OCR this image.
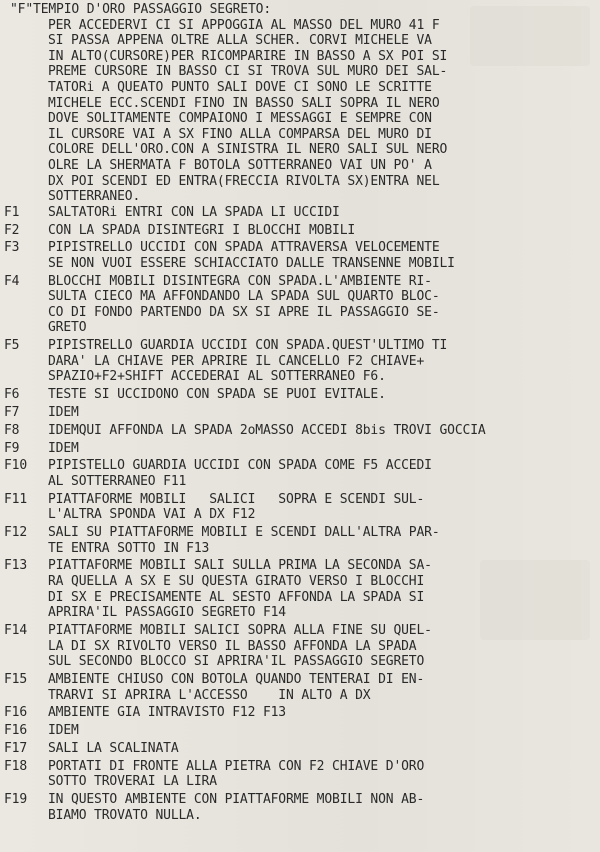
"F"TEMPIO D'ORO PASSAGGIO SEGRETO:
PER ACCEDERVI CI SI APPOGGIA AL MASSO DEL MURO 41 F
SI PASSA APPENA OLTRE ALLA SCHER. CORVI MICHELE VA
IN ALTO(CURSORE)PER RICOMPARIRE IN BASSO A SX POI SI
PREME CURSORE IN BASSO CI SI TROVA SUL MURO DEI SAL-
TATORi A QUEATO PUNTO SALI DOVE CI SONO LE SCRITTE
MICHELE ECC.SCENDI FINO IN BASSO SALI SOPRA IL NERO
DOVE SOLITAMENTE COMPAIONO I MESSAGGI E SEMPRE CON
IL CURSORE VAI A SX FINO ALLA COMPARSA DEL MURO DI
COLORE DELL'ORO.CON A SINISTRA IL NERO SALI SUL NERO
OLRE LA SHERMATA F BOTOLA SOTTERRANEO VAI UN PO' A
DX POI SCENDI ED ENTRA(FRECCIA RIVOLTA SX)ENTRA NEL
SOTTERRANEO.
F1 SALTATORi ENTRI CON LA SPADA LI UCCIDI
F2 CON LA SPADA DISINTEGRI I BLOCCHI MOBILI
F3 PIPISTRELLO UCCIDI CON SPADA ATTRAVERSA VELOCEMENTE
SE NON VUOI ESSERE SCHIACCIATO DALLE TRANSENNE MOBILI
F4 BLOCCHI MOBILI DISINTEGRA CON SPADA.L'AMBIENTE RI-
SULTA CIECO MA AFFONDANDO LA SPADA SUL QUARTO BLOC-
CO DI FONDO PARTENDO DA SX SI APRE IL PASSAGGIO SE-
GRETO
F5 PIPISTRELLO GUARDIA UCCIDI CON SPADA.QUEST'ULTIMO TI
DARA' LA CHIAVE PER APRIRE IL CANCELLO F2 CHIAVE+
SPAZIO+F2+SHIFT ACCEDERAI AL SOTTERRANEO F6.
F6 TESTE SI UCCIDONO CON SPADA SE PUOI EVITALE.
F7 IDEM
F8 IDEMQUI AFFONDA LA SPADA 2oMASSO ACCEDI 8bis TROVI GOCCIA
F9 IDEM
F10 PIPISTELLO GUARDIA UCCIDI CON SPADA COME F5 ACCEDI
AL SOTTERRANEO F11
F11 PIATTAFORME MOBILI   SALICI   SOPRA E SCENDI SUL-
L'ALTRA SPONDA VAI A DX F12
F12 SALI SU PIATTAFORME MOBILI E SCENDI DALL'ALTRA PAR-
TE ENTRA SOTTO IN F13
F13 PIATTAFORME MOBILI SALI SULLA PRIMA LA SECONDA SA-
RA QUELLA A SX E SU QUESTA GIRATO VERSO I BLOCCHI
DI SX E PRECISAMENTE AL SESTO AFFONDA LA SPADA SI
APRIRA'IL PASSAGGIO SEGRETO F14
F14 PIATTAFORME MOBILI SALICI SOPRA ALLA FINE SU QUEL-
LA DI SX RIVOLTO VERSO IL BASSO AFFONDA LA SPADA
SUL SECONDO BLOCCO SI APRIRA'IL PASSAGGIO SEGRETO
F15 AMBIENTE CHIUSO CON BOTOLA QUANDO TENTERAI DI EN-
TRARVI SI APRIRA L'ACCESSO    IN ALTO A DX
F16 AMBIENTE GIA INTRAVISTO F12 F13
F16 IDEM
F17 SALI LA SCALINATA
F18 PORTATI DI FRONTE ALLA PIETRA CON F2 CHIAVE D'ORO
SOTTO TROVERAI LA LIRA
F19 IN QUESTO AMBIENTE CON PIATTAFORME MOBILI NON AB-
BIAMO TROVATO NULLA.
